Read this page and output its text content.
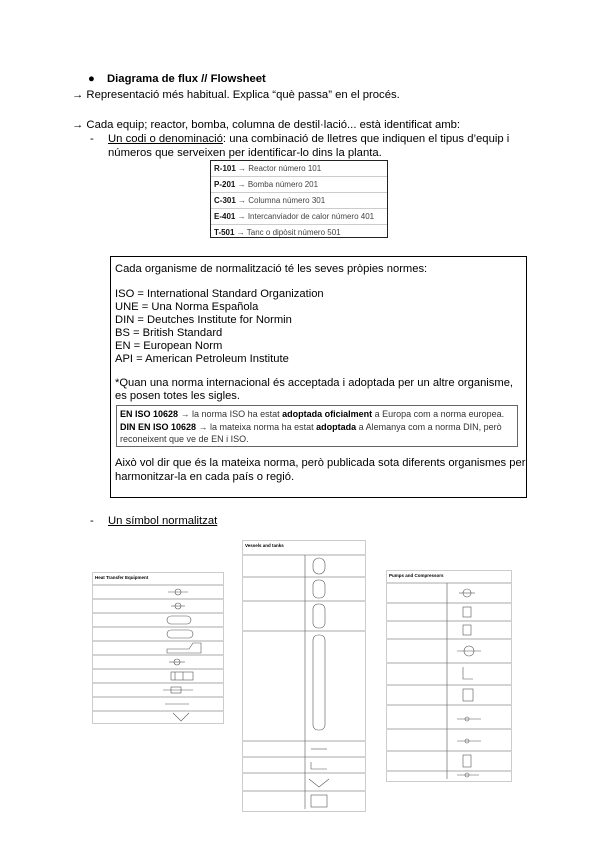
● Diagrama de flux // Flowsheet
→ Representació més habitual. Explica “què passa” en el procés.
→ Cada equip; reactor, bomba, columna de destil·lació... està identificat amb:
- Un codi o denominació: una combinació de lletres que indiquen el tipus d’equip i
números que serveixen per identificar-lo dins la planta.
R-101 → Reactor número 101
P-201 → Bomba número 201
C-301 → Columna número 301
E-401 → Intercanviador de calor número 401
T-501 → Tanc o dipòsit número 501
Cada organisme de normalització té les seves pròpies normes:
ISO = International Standard Organization
UNE = Una Norma Española
DIN = Deutches Institute for Normin
BS = British Standard
EN = European Norm
API = American Petroleum Institute
*Quan una norma internacional és acceptada i adoptada per un altre organisme,
es posen totes les sigles.
EN ISO 10628 → la norma ISO ha estat adoptada oficialment a Europa com a norma europea.
DIN EN ISO 10628 → la mateixa norma ha estat adoptada a Alemanya com a norma DIN, però
reconeixent que ve de EN i ISO.
Això vol dir que és la mateixa norma, però publicada sota diferents organismes per
harmonitzar-la en cada país o regió.
- Un símbol normalitzat
Heat Transfer Equipment
Vessels and tanks
Pumps and Compressors
